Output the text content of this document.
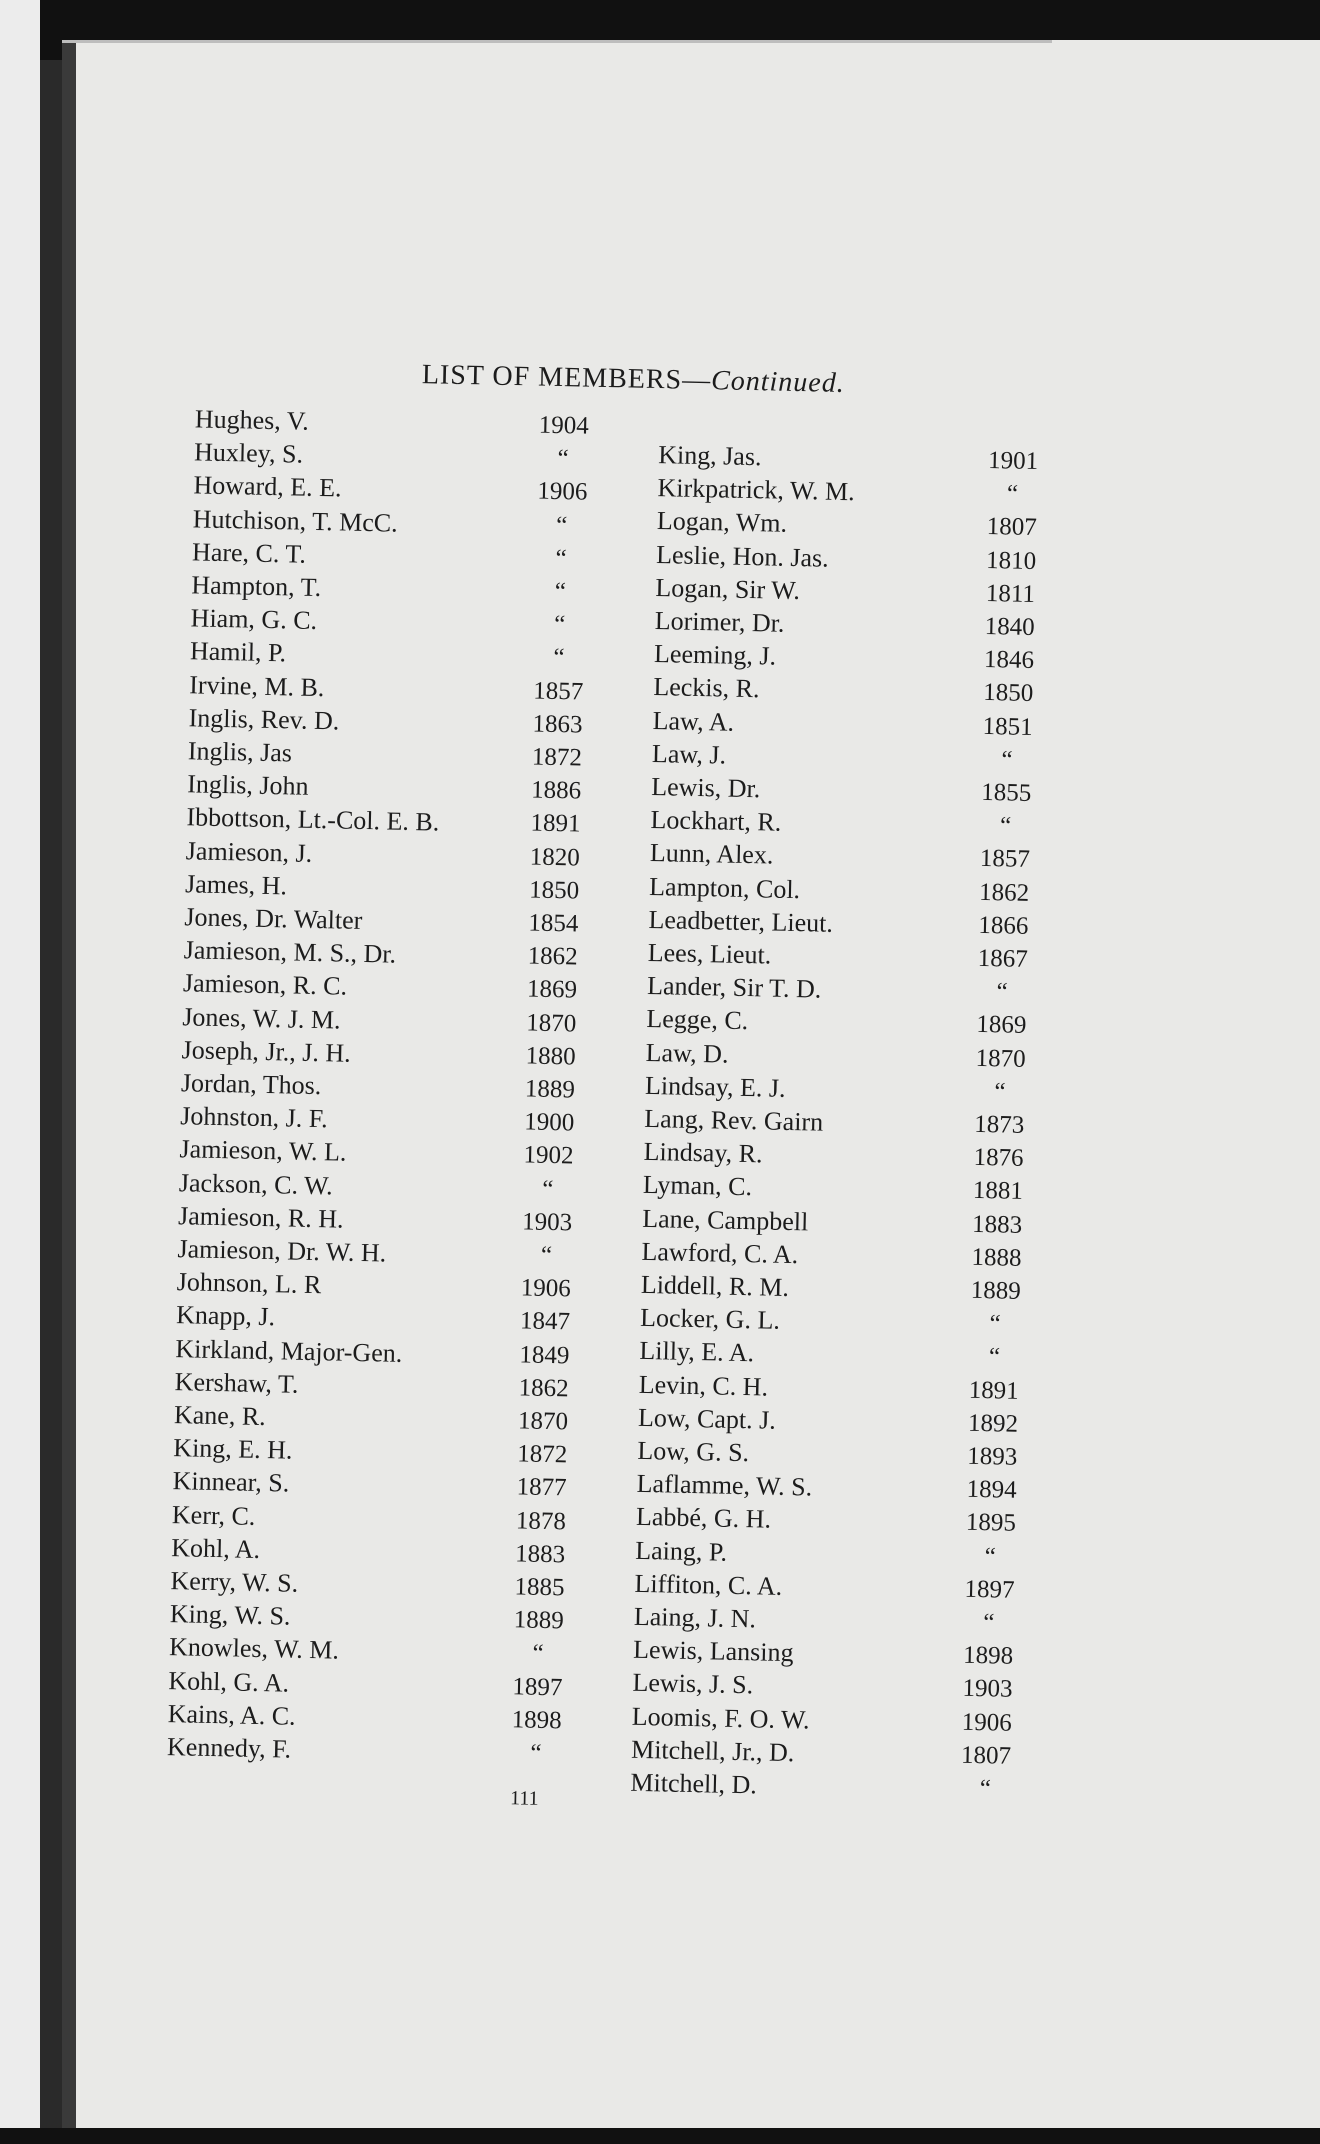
LIST OF MEMBERS—Continued.
Hughes, V.	1904
Huxley, S.	“
Howard, E. E.	1906
Hutchison, T. McC.	“
Hare, C. T.	“
Hampton, T.	“
Hiam, G. C.	“
Hamil, P.	“
Irvine, M. B.	1857
Inglis, Rev. D.	1863
Inglis, Jas	1872
Inglis, John	1886
Ibbottson, Lt.-Col. E. B.	1891
Jamieson, J.	1820
James, H.	1850
Jones, Dr. Walter	1854
Jamieson, M. S., Dr.	1862
Jamieson, R. C.	1869
Jones, W. J. M.	1870
Joseph, Jr., J. H.	1880
Jordan, Thos.	1889
Johnston, J. F.	1900
Jamieson, W. L.	1902
Jackson, C. W.	“
Jamieson, R. H.	1903
Jamieson, Dr. W. H.	“
Johnson, L. R	1906
Knapp, J.	1847
Kirkland, Major-Gen.	1849
Kershaw, T.	1862
Kane, R.	1870
King, E. H.	1872
Kinnear, S.	1877
Kerr, C.	1878
Kohl, A.	1883
Kerry, W. S.	1885
King, W. S.	1889
Knowles, W. M.	“
Kohl, G. A.	1897
Kains, A. C.	1898
Kennedy, F.	“
King, Jas.	1901
Kirkpatrick, W. M.	“
Logan, Wm.	1807
Leslie, Hon. Jas.	1810
Logan, Sir W.	1811
Lorimer, Dr.	1840
Leeming, J.	1846
Leckis, R.	1850
Law, A.	1851
Law, J.	“
Lewis, Dr.	1855
Lockhart, R.	“
Lunn, Alex.	1857
Lampton, Col.	1862
Leadbetter, Lieut.	1866
Lees, Lieut.	1867
Lander, Sir T. D.	“
Legge, C.	1869
Law, D.	1870
Lindsay, E. J.	“
Lang, Rev. Gairn	1873
Lindsay, R.	1876
Lyman, C.	1881
Lane, Campbell	1883
Lawford, C. A.	1888
Liddell, R. M.	1889
Locker, G. L.	“
Lilly, E. A.	“
Levin, C. H.	1891
Low, Capt. J.	1892
Low, G. S.	1893
Laflamme, W. S.	1894
Labbé, G. H.	1895
Laing, P.	“
Liffiton, C. A.	1897
Laing, J. N.	“
Lewis, Lansing	1898
Lewis, J. S.	1903
Loomis, F. O. W.	1906
Mitchell, Jr., D.	1807
Mitchell, D.	“
111
